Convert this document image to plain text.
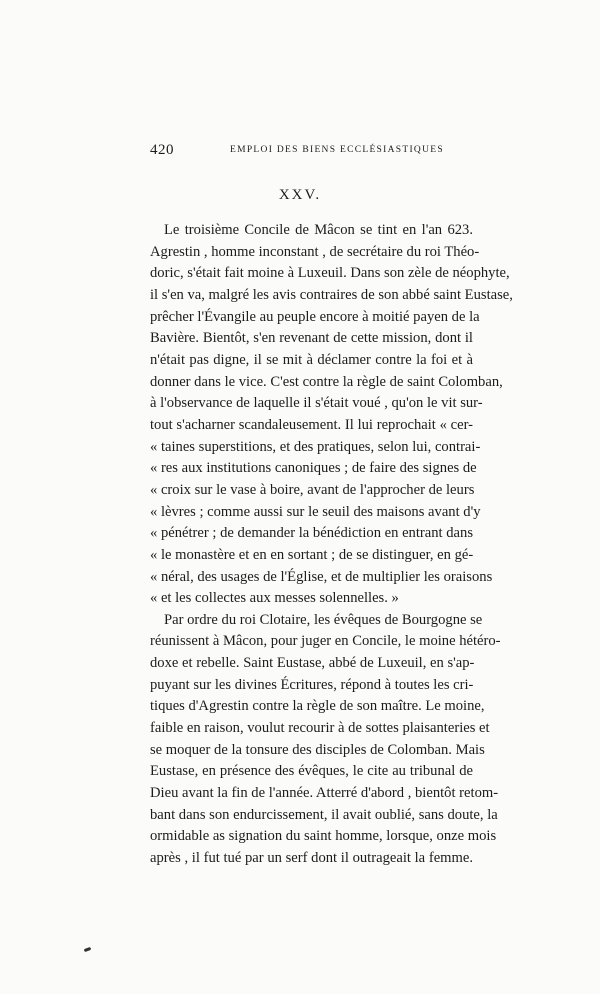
420	EMPLOI DES BIENS ECCLÉSIASTIQUES
XXV.
Le troisième Concile de Mâcon se tint en l'an 623.
Agrestin , homme inconstant , de secrétaire du roi Théo-
doric, s'était fait moine à Luxeuil. Dans son zèle de néophyte,
il s'en va, malgré les avis contraires de son abbé saint Eustase,
prêcher l'Évangile au peuple encore à moitié payen de la
Bavière. Bientôt, s'en revenant de cette mission, dont il
n'était pas digne, il se mit à déclamer contre la foi et à
donner dans le vice. C'est contre la règle de saint Colomban,
à l'observance de laquelle il s'était voué , qu'on le vit sur-
tout s'acharner scandaleusement. Il lui reprochait « cer-
« taines superstitions, et des pratiques, selon lui, contrai-
« res aux institutions canoniques ; de faire des signes de
« croix sur le vase à boire, avant de l'approcher de leurs
« lèvres ; comme aussi sur le seuil des maisons avant d'y
« pénétrer ; de demander la bénédiction en entrant dans
« le monastère et en en sortant ; de se distinguer, en gé-
« néral, des usages de l'Église, et de multiplier les oraisons
« et les collectes aux messes solennelles. »
Par ordre du roi Clotaire, les évêques de Bourgogne se
réunissent à Mâcon, pour juger en Concile, le moine hétéro-
doxe et rebelle. Saint Eustase, abbé de Luxeuil, en s'ap-
puyant sur les divines Écritures, répond à toutes les cri-
tiques d'Agrestin contre la règle de son maître. Le moine,
faible en raison, voulut recourir à de sottes plaisanteries et
se moquer de la tonsure des disciples de Colomban. Mais
Eustase, en présence des évêques, le cite au tribunal de
Dieu avant la fin de l'année. Atterré d'abord , bientôt retom-
bant dans son endurcissement, il avait oublié, sans doute, la
ormidable as signation du saint homme, lorsque, onze mois
après , il fut tué par un serf dont il outrageait la femme.
